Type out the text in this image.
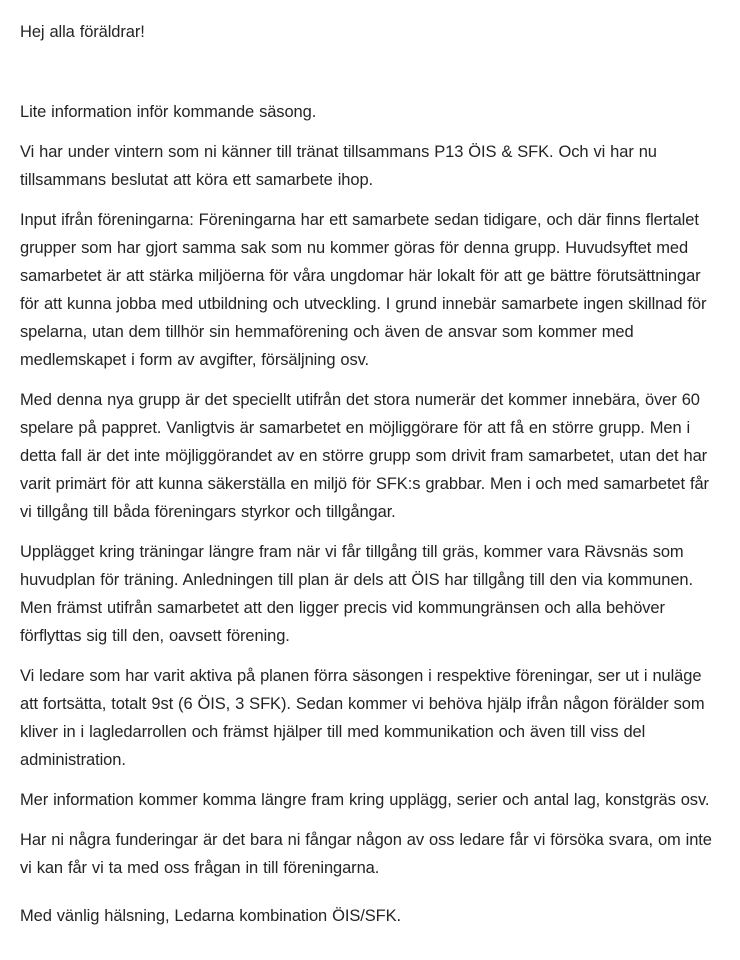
Hej alla föräldrar!

Lite information inför kommande säsong.

Vi har under vintern som ni känner till tränat tillsammans P13 ÖIS & SFK. Och vi har nu tillsammans beslutat att köra ett samarbete ihop.

Input ifrån föreningarna: Föreningarna har ett samarbete sedan tidigare, och där finns flertalet grupper som har gjort samma sak som nu kommer göras för denna grupp. Huvudsyftet med samarbetet är att stärka miljöerna för våra ungdomar här lokalt för att ge bättre förutsättningar för att kunna jobba med utbildning och utveckling. I grund innebär samarbete ingen skillnad för spelarna, utan dem tillhör sin hemmaförening och även de ansvar som kommer med medlemskapet i form av avgifter, försäljning osv.

Med denna nya grupp är det speciellt utifrån det stora numerär det kommer innebära, över 60 spelare på pappret. Vanligtvis är samarbetet en möjliggörare för att få en större grupp. Men i detta fall är det inte möjliggörandet av en större grupp som drivit fram samarbetet, utan det har varit primärt för att kunna säkerställa en miljö för SFK:s grabbar. Men i och med samarbetet får vi tillgång till båda föreningars styrkor och tillgångar.

Upplägget kring träningar längre fram när vi får tillgång till gräs, kommer vara Rävsnäs som huvudplan för träning. Anledningen till plan är dels att ÖIS har tillgång till den via kommunen. Men främst utifrån samarbetet att den ligger precis vid kommungränsen och alla behöver förflyttas sig till den, oavsett förening.

Vi ledare som har varit aktiva på planen förra säsongen i respektive föreningar, ser ut i nuläge att fortsätta, totalt 9st (6 ÖIS, 3 SFK). Sedan kommer vi behöva hjälp ifrån någon förälder som kliver in i lagledarrollen och främst hjälper till med kommunikation och även till viss del administration.

Mer information kommer komma längre fram kring upplägg, serier och antal lag, konstgräs osv.

Har ni några funderingar är det bara ni fångar någon av oss ledare får vi försöka svara, om inte vi kan får vi ta med oss frågan in till föreningarna.

Med vänlig hälsning, Ledarna kombination ÖIS/SFK.
